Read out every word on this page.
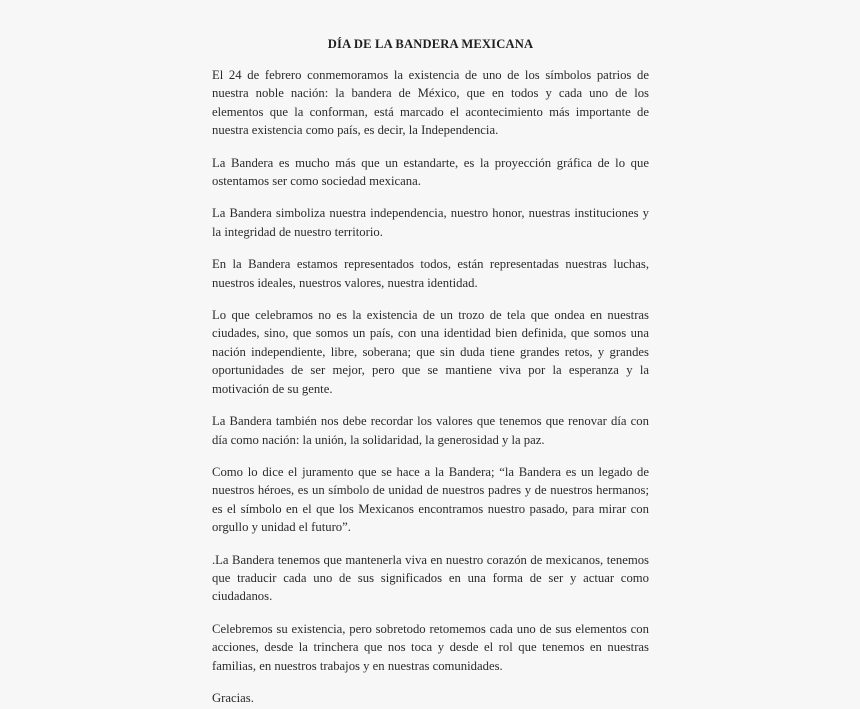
DÍA DE LA BANDERA MEXICANA

El 24 de febrero conmemoramos la existencia de uno de los símbolos patrios de nuestra noble nación: la bandera de México, que en todos y cada uno de los elementos que la conforman, está marcado el acontecimiento más importante de nuestra existencia como país, es decir, la Independencia.

La Bandera es mucho más que un estandarte, es la proyección gráfica de lo que ostentamos ser como sociedad mexicana.

La Bandera simboliza nuestra independencia, nuestro honor, nuestras instituciones y la integridad de nuestro territorio.

En la Bandera estamos representados todos, están representadas nuestras luchas, nuestros ideales, nuestros valores, nuestra identidad.

Lo que celebramos no es la existencia de un trozo de tela que ondea en nuestras ciudades, sino, que somos un país, con una identidad bien definida, que somos una nación independiente, libre, soberana; que sin duda tiene grandes retos, y grandes oportunidades de ser mejor, pero que se mantiene viva por la esperanza y la motivación de su gente.

La Bandera también nos debe recordar los valores que tenemos que renovar día con día como nación: la unión, la solidaridad, la generosidad y la paz.

Como lo dice el juramento que se hace a la Bandera; “la Bandera es un legado de nuestros héroes, es un símbolo de unidad de nuestros padres y de nuestros hermanos; es el símbolo en el que los Mexicanos encontramos nuestro pasado, para mirar con orgullo y unidad el futuro”.

.La Bandera tenemos que mantenerla viva en nuestro corazón de mexicanos, tenemos que traducir cada uno de sus significados en una forma de ser y actuar como ciudadanos.

Celebremos su existencia, pero sobretodo retomemos cada uno de sus elementos con acciones, desde la trinchera que nos toca y desde el rol que tenemos en nuestras familias, en nuestros trabajos y en nuestras comunidades.

Gracias.
